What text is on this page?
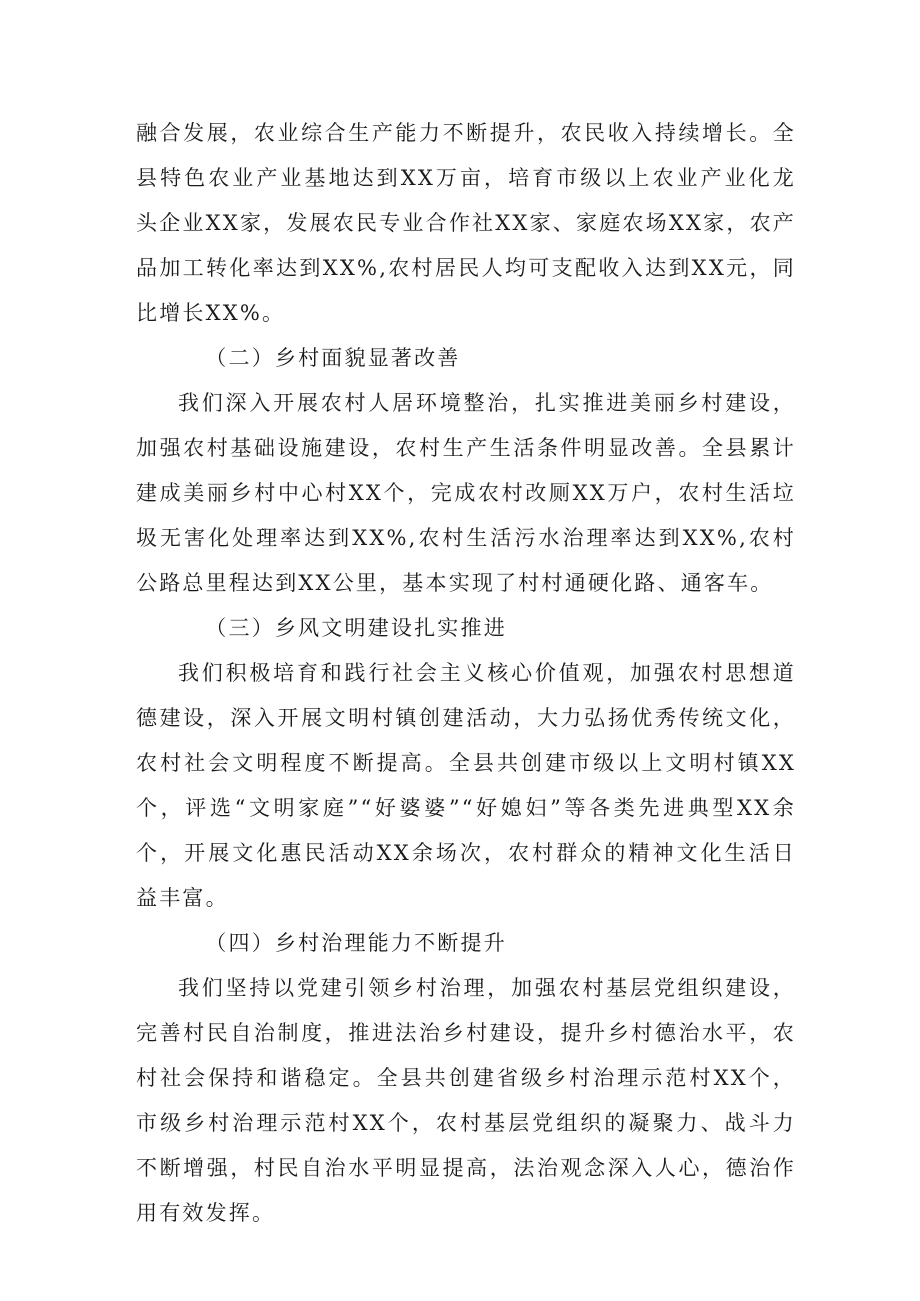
融合发展，农业综合生产能力不断提升，农民收入持续增长。全县特色农业产业基地达到XX万亩，培育市级以上农业产业化龙头企业XX家，发展农民专业合作社XX家、家庭农场XX家，农产品加工转化率达到XX%,农村居民人均可支配收入达到XX元，同比增长XX%。

（二）乡村面貌显著改善

我们深入开展农村人居环境整治，扎实推进美丽乡村建设，加强农村基础设施建设，农村生产生活条件明显改善。全县累计建成美丽乡村中心村XX个，完成农村改厕XX万户，农村生活垃圾无害化处理率达到XX%,农村生活污水治理率达到XX%,农村公路总里程达到XX公里，基本实现了村村通硬化路、通客车。

（三）乡风文明建设扎实推进

我们积极培育和践行社会主义核心价值观，加强农村思想道德建设，深入开展文明村镇创建活动，大力弘扬优秀传统文化，农村社会文明程度不断提高。全县共创建市级以上文明村镇XX个，评选“文明家庭”“好婆婆”“好媳妇”等各类先进典型XX余个，开展文化惠民活动XX余场次，农村群众的精神文化生活日益丰富。

（四）乡村治理能力不断提升

我们坚持以党建引领乡村治理，加强农村基层党组织建设，完善村民自治制度，推进法治乡村建设，提升乡村德治水平，农村社会保持和谐稳定。全县共创建省级乡村治理示范村XX个，市级乡村治理示范村XX个，农村基层党组织的凝聚力、战斗力不断增强，村民自治水平明显提高，法治观念深入人心，德治作用有效发挥。
